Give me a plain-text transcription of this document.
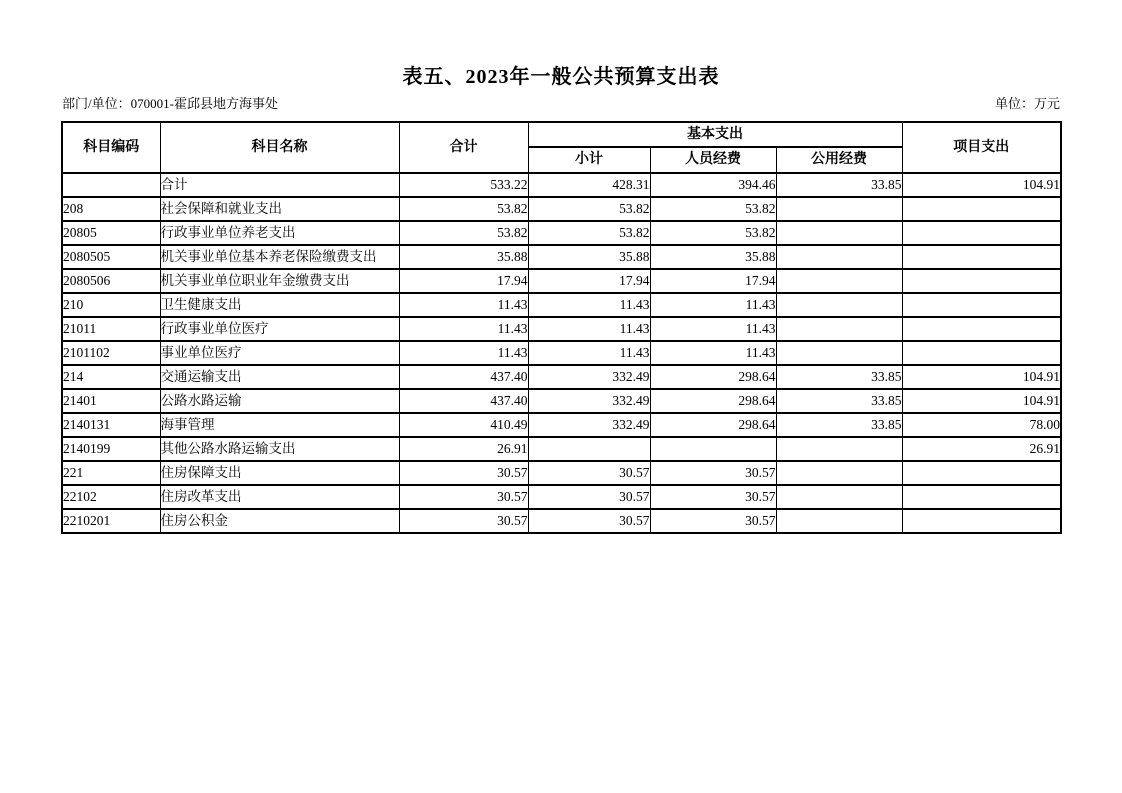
表五、2023年一般公共预算支出表
部门/单位：070001-霍邱县地方海事处	单位：万元
科目编码	科目名称	合计	基本支出			项目支出
			小计	人员经费	公用经费	
	合计	533.22	428.31	394.46	33.85	104.91
208	社会保障和就业支出	53.82	53.82	53.82		
20805	行政事业单位养老支出	53.82	53.82	53.82		
2080505	机关事业单位基本养老保险缴费支出	35.88	35.88	35.88		
2080506	机关事业单位职业年金缴费支出	17.94	17.94	17.94		
210	卫生健康支出	11.43	11.43	11.43		
21011	行政事业单位医疗	11.43	11.43	11.43		
2101102	事业单位医疗	11.43	11.43	11.43		
214	交通运输支出	437.40	332.49	298.64	33.85	104.91
21401	公路水路运输	437.40	332.49	298.64	33.85	104.91
2140131	海事管理	410.49	332.49	298.64	33.85	78.00
2140199	其他公路水路运输支出	26.91				26.91
221	住房保障支出	30.57	30.57	30.57		
22102	住房改革支出	30.57	30.57	30.57		
2210201	住房公积金	30.57	30.57	30.57		
